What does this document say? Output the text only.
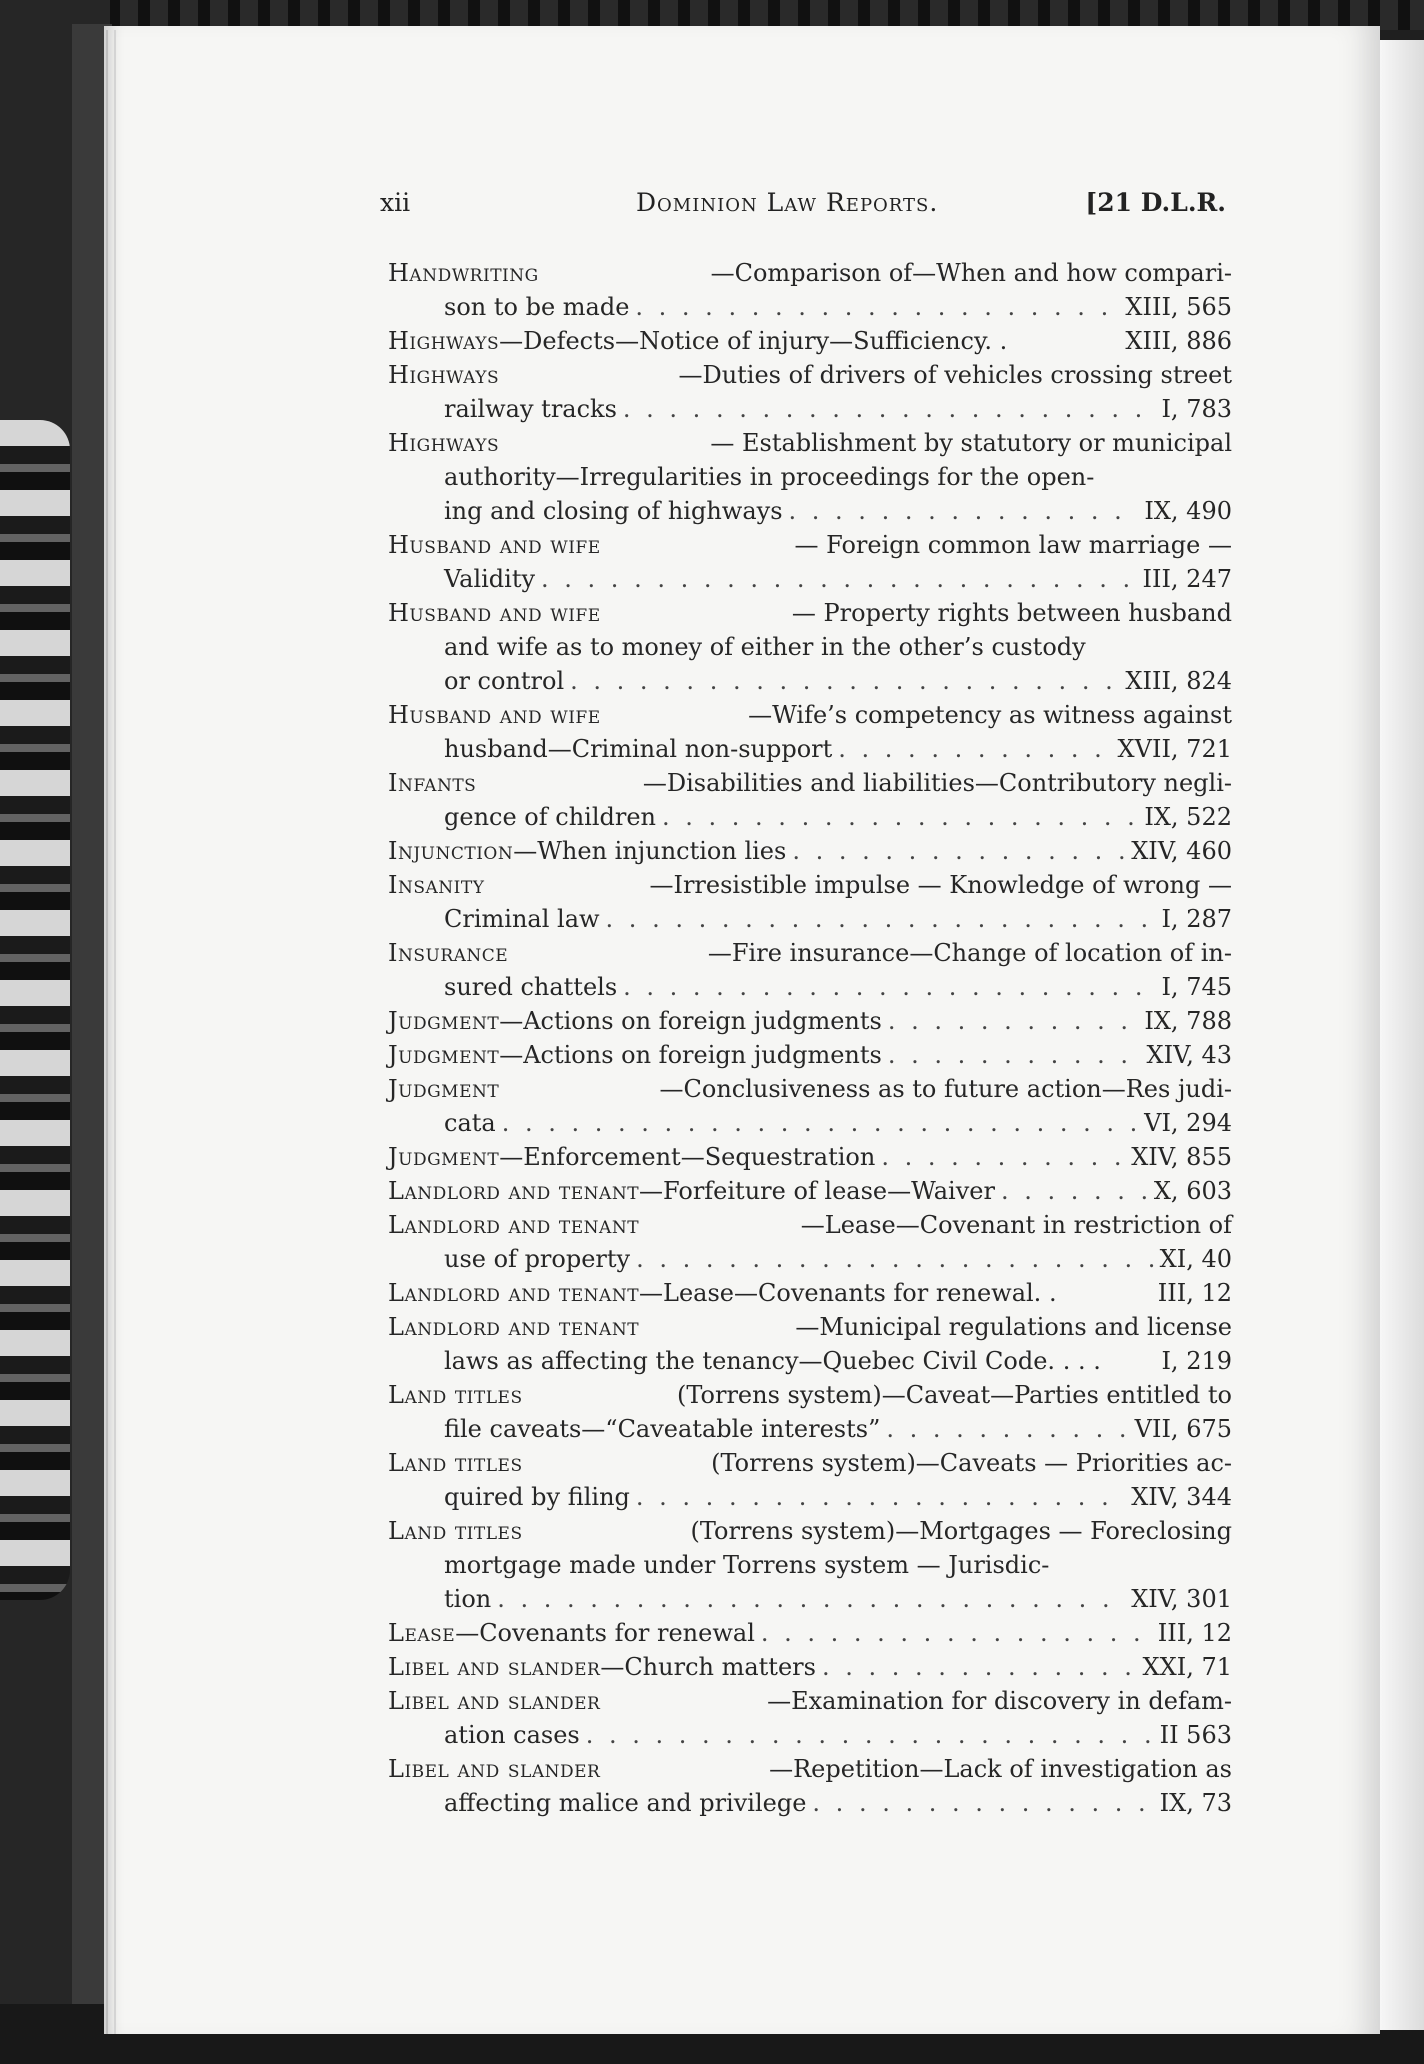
xii	Dominion Law Reports.	[21 D.L.R.
Handwriting	—Comparison of—When and how compari-
son to be made . . .	XIII, 565
Highways —Defects—Notice of injury—Sufficiency. .	XIII, 886
Highways	—Duties of drivers of vehicles crossing street
railway tracks . . .	I, 783
Highways	— Establishment by statutory or municipal
authority—Irregularities in proceedings for the open-
ing and closing of highways . . .	IX, 490
Husband and wife	— Foreign common law marriage —
Validity . . .	III, 247
Husband and wife	— Property rights between husband
and wife as to money of either in the other’s custody
or control . . .	XIII, 824
Husband and wife	—Wife’s competency as witness against
husband—Criminal non-support . . .	XVII, 721
Infants	—Disabilities and liabilities—Contributory negli-
gence of children . . .	IX, 522
Injunction —When injunction lies . . .	XIV, 460
Insanity	—Irresistible impulse — Knowledge of wrong —
Criminal law . . .	I, 287
Insurance	—Fire insurance—Change of location of in-
sured chattels . . .	I, 745
Judgment —Actions on foreign judgments . . .	IX, 788
Judgment —Actions on foreign judgments . . .	XIV, 43
Judgment	—Conclusiveness as to future action—Res judi-
cata . . .	VI, 294
Judgment —Enforcement—Sequestration . . .	XIV, 855
Landlord and tenant —Forfeiture of lease—Waiver . . .	X, 603
Landlord and tenant	—Lease—Covenant in restriction of
use of property . . .	XI, 40
Landlord and tenant —Lease—Covenants for renewal. .	III, 12
Landlord and tenant	—Municipal regulations and license
laws as affecting the tenancy—Quebec Civil Code. . . .	I, 219
Land titles	(Torrens system)—Caveat—Parties entitled to
file caveats—“Caveatable interests” . . .	VII, 675
Land titles	(Torrens system)—Caveats — Priorities ac-
quired by filing . . .	XIV, 344
Land titles	(Torrens system)—Mortgages — Foreclosing
mortgage made under Torrens system — Jurisdic-
tion . . .	XIV, 301
Lease —Covenants for renewal . . .	III, 12
Libel and slander —Church matters . . .	XXI, 71
Libel and slander	—Examination for discovery in defam-
ation cases . . .	II 563
Libel and slander	—Repetition—Lack of investigation as
affecting malice and privilege . . .	IX, 73
